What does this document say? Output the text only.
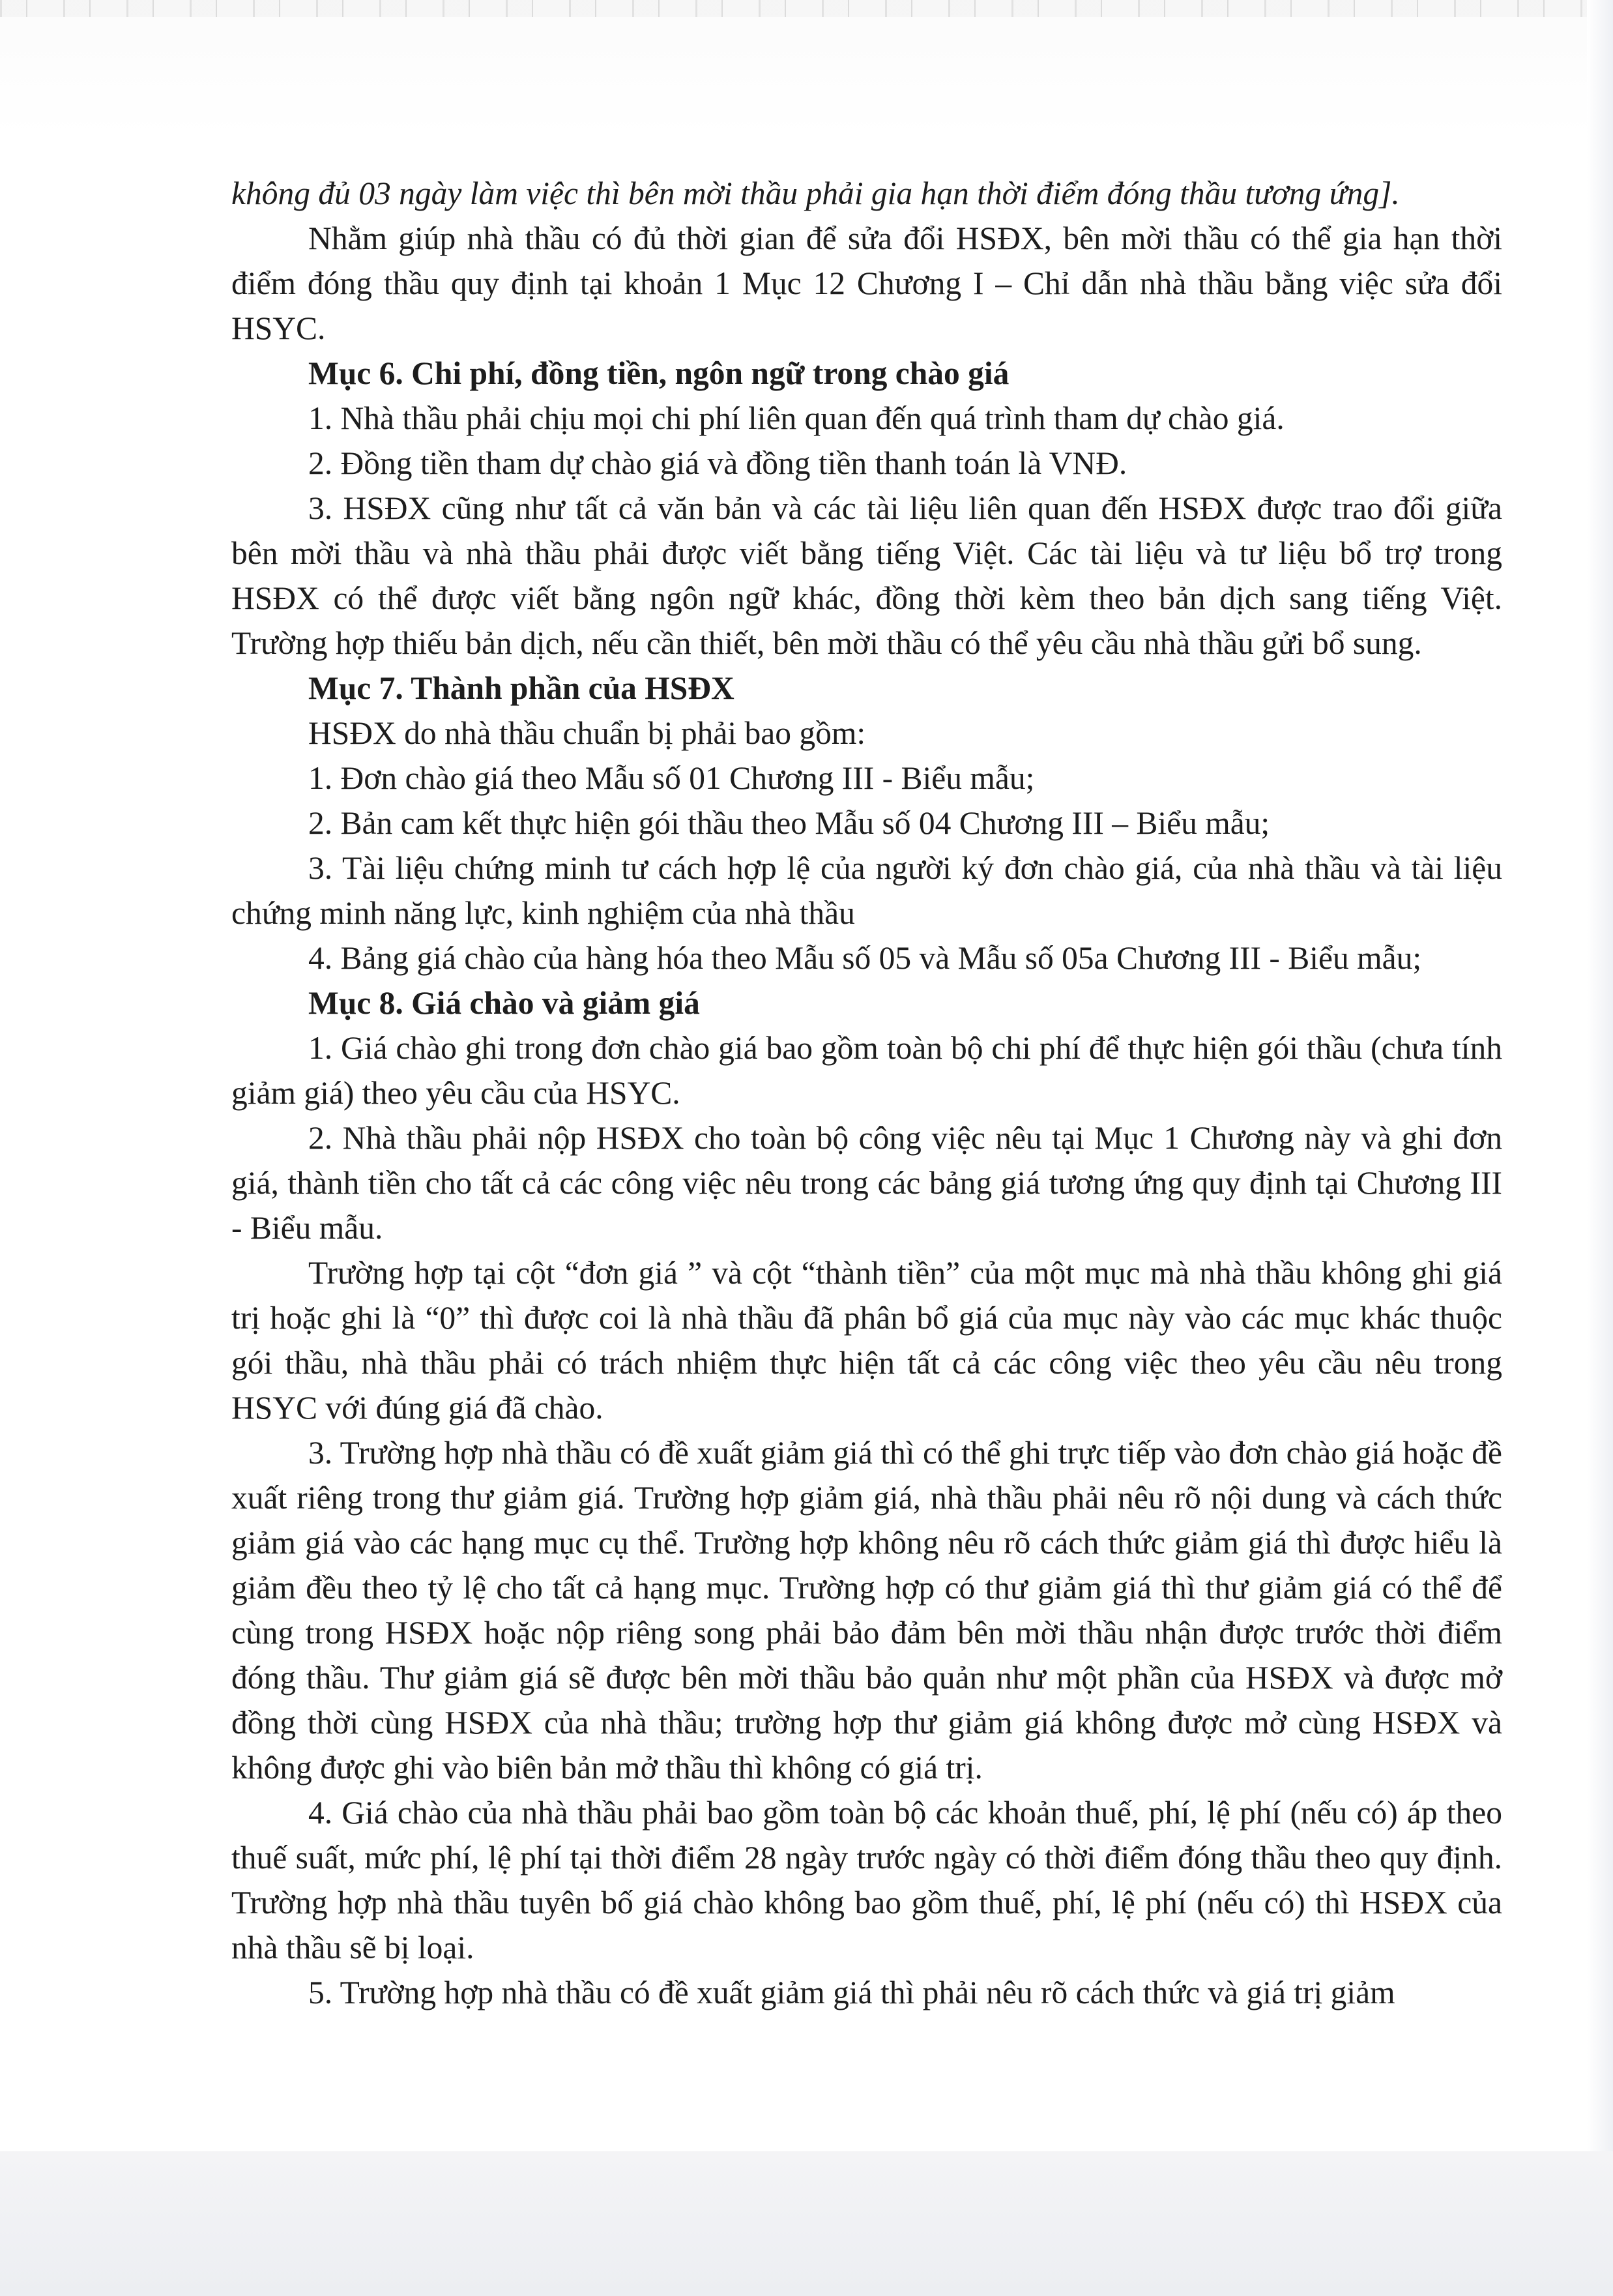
không đủ 03 ngày làm việc thì bên mời thầu phải gia hạn thời điểm đóng thầu tương ứng].

Nhằm giúp nhà thầu có đủ thời gian để sửa đổi HSĐX, bên mời thầu có thể gia hạn thời điểm đóng thầu quy định tại khoản 1 Mục 12 Chương I – Chỉ dẫn nhà thầu bằng việc sửa đổi HSYC.

Mục 6. Chi phí, đồng tiền, ngôn ngữ trong chào giá

1. Nhà thầu phải chịu mọi chi phí liên quan đến quá trình tham dự chào giá.

2. Đồng tiền tham dự chào giá và đồng tiền thanh toán là VNĐ.

3. HSĐX cũng như tất cả văn bản và các tài liệu liên quan đến HSĐX được trao đổi giữa bên mời thầu và nhà thầu phải được viết bằng tiếng Việt. Các tài liệu và tư liệu bổ trợ trong HSĐX có thể được viết bằng ngôn ngữ khác, đồng thời kèm theo bản dịch sang tiếng Việt. Trường hợp thiếu bản dịch, nếu cần thiết, bên mời thầu có thể yêu cầu nhà thầu gửi bổ sung.

Mục 7. Thành phần của HSĐX

HSĐX do nhà thầu chuẩn bị phải bao gồm:

1. Đơn chào giá theo Mẫu số 01 Chương III - Biểu mẫu;

2. Bản cam kết thực hiện gói thầu theo Mẫu số 04 Chương III – Biểu mẫu;

3. Tài liệu chứng minh tư cách hợp lệ của người ký đơn chào giá, của nhà thầu và tài liệu chứng minh năng lực, kinh nghiệm của nhà thầu

4. Bảng giá chào của hàng hóa theo Mẫu số 05 và Mẫu số 05a Chương III - Biểu mẫu;

Mục 8. Giá chào và giảm giá

1. Giá chào ghi trong đơn chào giá bao gồm toàn bộ chi phí để thực hiện gói thầu (chưa tính giảm giá) theo yêu cầu của HSYC.

2. Nhà thầu phải nộp HSĐX cho toàn bộ công việc nêu tại Mục 1 Chương này và ghi đơn giá, thành tiền cho tất cả các công việc nêu trong các bảng giá tương ứng quy định tại Chương III - Biểu mẫu.

Trường hợp tại cột “đơn giá ” và cột “thành tiền” của một mục mà nhà thầu không ghi giá trị hoặc ghi là “0” thì được coi là nhà thầu đã phân bổ giá của mục này vào các mục khác thuộc gói thầu, nhà thầu phải có trách nhiệm thực hiện tất cả các công việc theo yêu cầu nêu trong HSYC với đúng giá đã chào.

3. Trường hợp nhà thầu có đề xuất giảm giá thì có thể ghi trực tiếp vào đơn chào giá hoặc đề xuất riêng trong thư giảm giá. Trường hợp giảm giá, nhà thầu phải nêu rõ nội dung và cách thức giảm giá vào các hạng mục cụ thể. Trường hợp không nêu rõ cách thức giảm giá thì được hiểu là giảm đều theo tỷ lệ cho tất cả hạng mục. Trường hợp có thư giảm giá thì thư giảm giá có thể để cùng trong HSĐX hoặc nộp riêng song phải bảo đảm bên mời thầu nhận được trước thời điểm đóng thầu. Thư giảm giá sẽ được bên mời thầu bảo quản như một phần của HSĐX và được mở đồng thời cùng HSĐX của nhà thầu; trường hợp thư giảm giá không được mở cùng HSĐX và không được ghi vào biên bản mở thầu thì không có giá trị.

4. Giá chào của nhà thầu phải bao gồm toàn bộ các khoản thuế, phí, lệ phí (nếu có) áp theo thuế suất, mức phí, lệ phí tại thời điểm 28 ngày trước ngày có thời điểm đóng thầu theo quy định. Trường hợp nhà thầu tuyên bố giá chào không bao gồm thuế, phí, lệ phí (nếu có) thì HSĐX của nhà thầu sẽ bị loại.

5. Trường hợp nhà thầu có đề xuất giảm giá thì phải nêu rõ cách thức và giá trị giảm
